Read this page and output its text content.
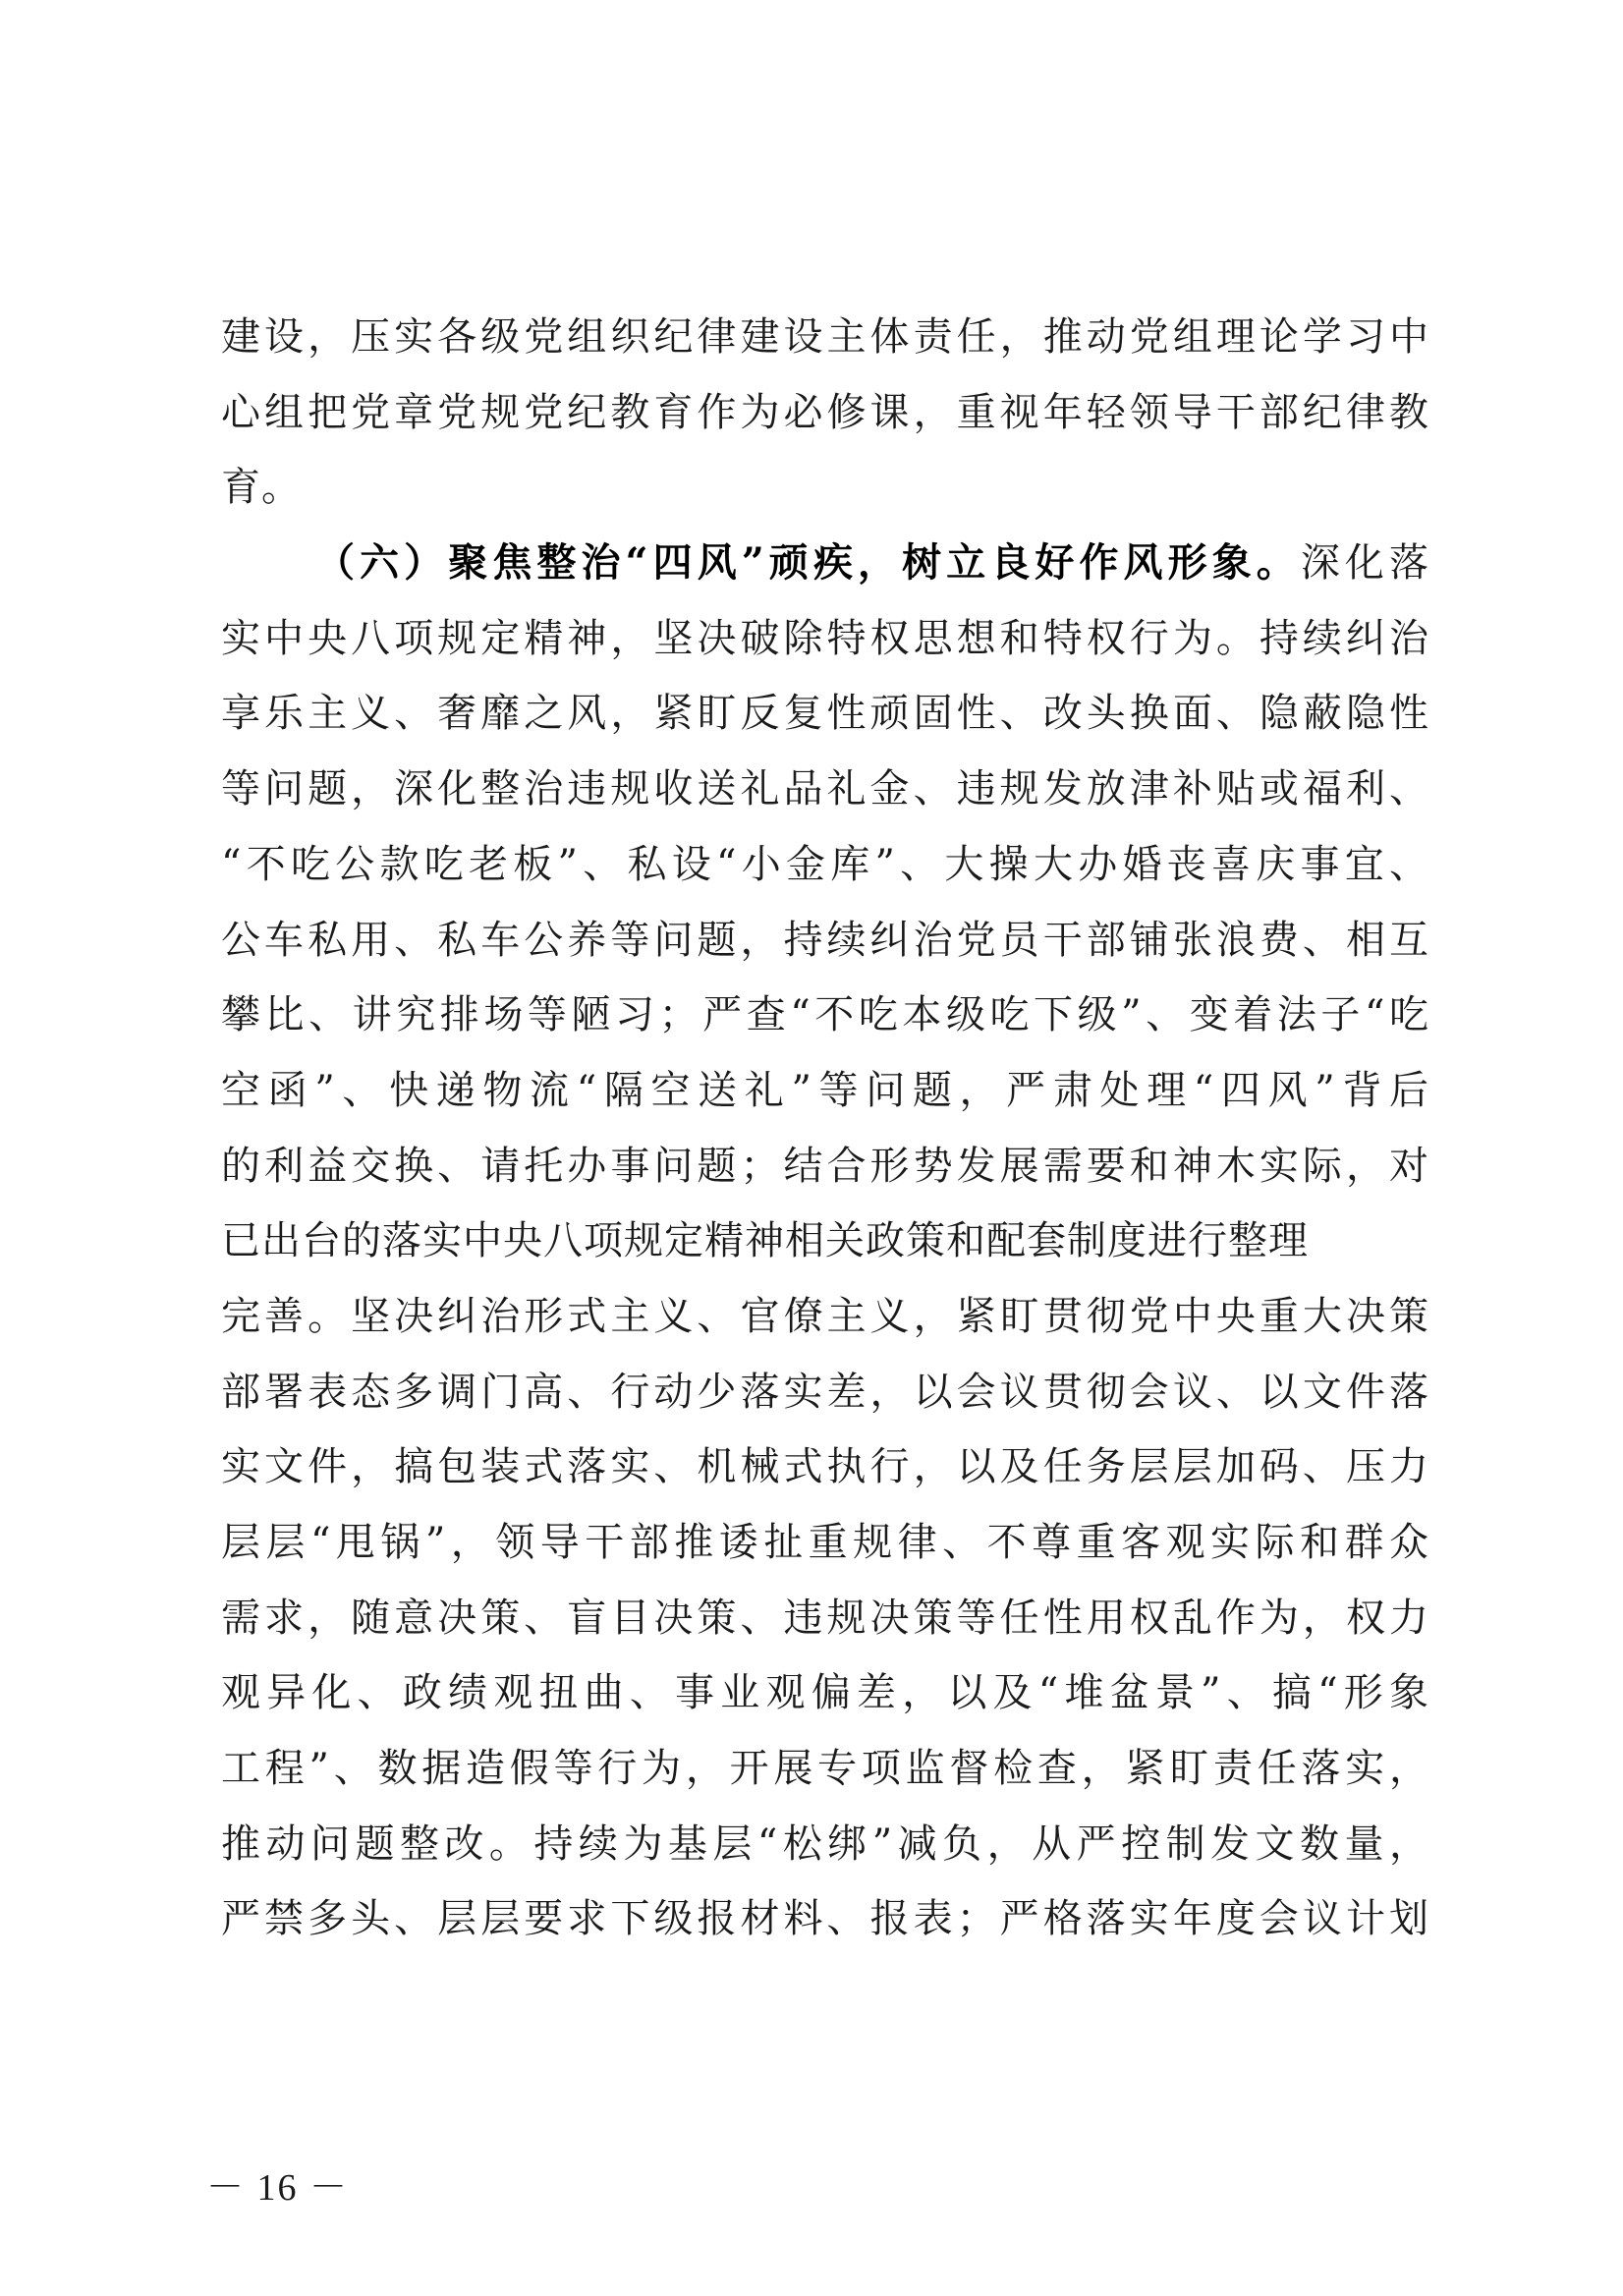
建设，压实各级党组织纪律建设主体责任，推动党组理论学习中
心组把党章党规党纪教育作为必修课，重视年轻领导干部纪律教
育。
（六）聚焦整治“四风”顽疾，树立良好作风形象。深化落
实中央八项规定精神，坚决破除特权思想和特权行为。持续纠治
享乐主义、奢靡之风，紧盯反复性顽固性、改头换面、隐蔽隐性
等问题，深化整治违规收送礼品礼金、违规发放津补贴或福利、
“不吃公款吃老板”、私设“小金库”、大操大办婚丧喜庆事宜、
公车私用、私车公养等问题，持续纠治党员干部铺张浪费、相互
攀比、讲究排场等陋习；严查“不吃本级吃下级”、变着法子“吃
空函”、快递物流“隔空送礼”等问题，严肃处理“四风”背后
的利益交换、请托办事问题；结合形势发展需要和神木实际，对
已出台的落实中央八项规定精神相关政策和配套制度进行整理
完善。坚决纠治形式主义、官僚主义，紧盯贯彻党中央重大决策
部署表态多调门高、行动少落实差，以会议贯彻会议、以文件落
实文件，搞包装式落实、机械式执行，以及任务层层加码、压力
层层“甩锅”，领导干部推诿扯重规律、不尊重客观实际和群众
需求，随意决策、盲目决策、违规决策等任性用权乱作为，权力
观异化、政绩观扭曲、事业观偏差，以及“堆盆景”、搞“形象
工程”、数据造假等行为，开展专项监督检查，紧盯责任落实，
推动问题整改。持续为基层“松绑”减负，从严控制发文数量，
严禁多头、层层要求下级报材料、报表；严格落实年度会议计划
－ 16 －
